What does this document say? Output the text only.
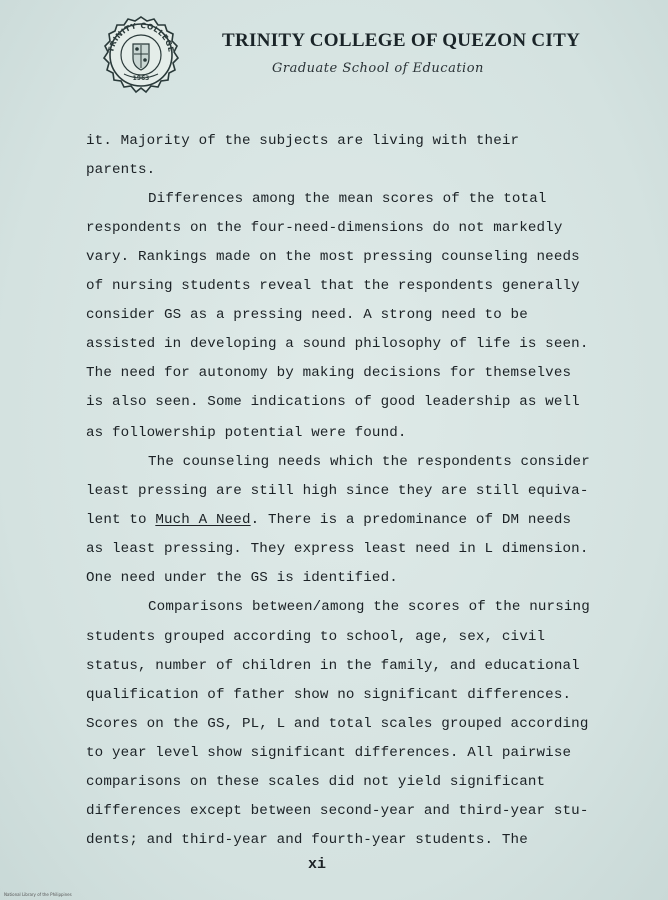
TRINITY COLLEGE
1963
TRINITY COLLEGE OF QUEZON CITY
Graduate School of Education
it. Majority of the subjects are living with their
parents.
Differences among the mean scores of the total
respondents on the four-need-dimensions do not markedly
vary. Rankings made on the most pressing counseling needs
of nursing students reveal that the respondents generally
consider GS as a pressing need. A strong need to be
assisted in developing a sound philosophy of life is seen.
The need for autonomy by making decisions for themselves
is also seen. Some indications of good leadership as well
as followership potential were found.
The counseling needs which the respondents consider
least pressing are still high since they are still equiva-
lent to Much A Need. There is a predominance of DM needs
as least pressing. They express least need in L dimension.
One need under the GS is identified.
Comparisons between/among the scores of the nursing
students grouped according to school, age, sex, civil
status, number of children in the family, and educational
qualification of father show no significant differences.
Scores on the GS, PL, L and total scales grouped according
to year level show significant differences. All pairwise
comparisons on these scales did not yield significant
differences except between second-year and third-year stu-
dents; and third-year and fourth-year students. The
xi
National Library of the Philippines
